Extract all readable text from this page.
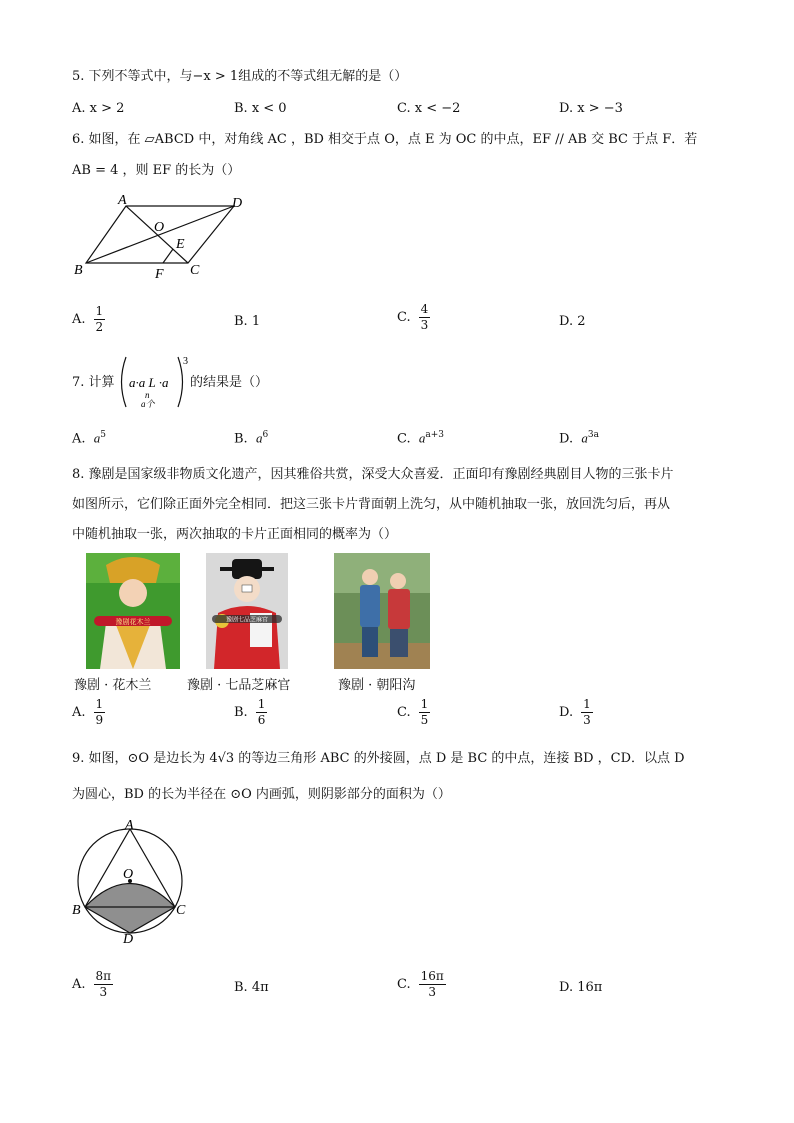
5. 下列不等式中，与−x > 1组成的不等式组无解的是（）
A. x > 2	B. x < 0	C. x < −2	D. x > −3
6. 如图，在 ▱ABCD 中，对角线 AC ，BD 相交于点 O，点 E 为 OC 的中点，EF // AB 交 BC 于点 F．若
AB = 4 ，则 EF 的长为（）
A	D
B	C
O
E
F
A. $\frac{1}{2}$	B. 1	C. $\frac{4}{3}$	D. 2
7. 计算 a·a L ·a
n
a个
3
的结果是（）
A. $a^5$	B. $a^6$	C. $a^{a+3}$	D. $a^{3a}$
8. 豫剧是国家级非物质文化遗产，因其雅俗共赏，深受大众喜爱．正面印有豫剧经典剧目人物的三张卡片
如图所示，它们除正面外完全相同．把这三张卡片背面朝上洗匀，从中随机抽取一张，放回洗匀后，再从
中随机抽取一张，两次抽取的卡片正面相同的概率为（）
豫剧花木兰	豫剧七品芝麻官
豫剧 · 花木兰	豫剧 · 七品芝麻官	豫剧 · 朝阳沟
A. $\frac{1}{9}$	B. $\frac{1}{6}$	C. $\frac{1}{5}$	D. $\frac{1}{3}$
9. 如图，⊙O 是边长为 4√3 的等边三角形 ABC 的外接圆，点 D 是 BC 的中点，连接 BD ，CD．以点 D
为圆心，BD 的长为半径在 ⊙O 内画弧，则阴影部分的面积为（）
A
B	C
D
O
A. $\frac{8\pi}{3}$	B. 4π	C. $\frac{16\pi}{3}$	D. 16π
